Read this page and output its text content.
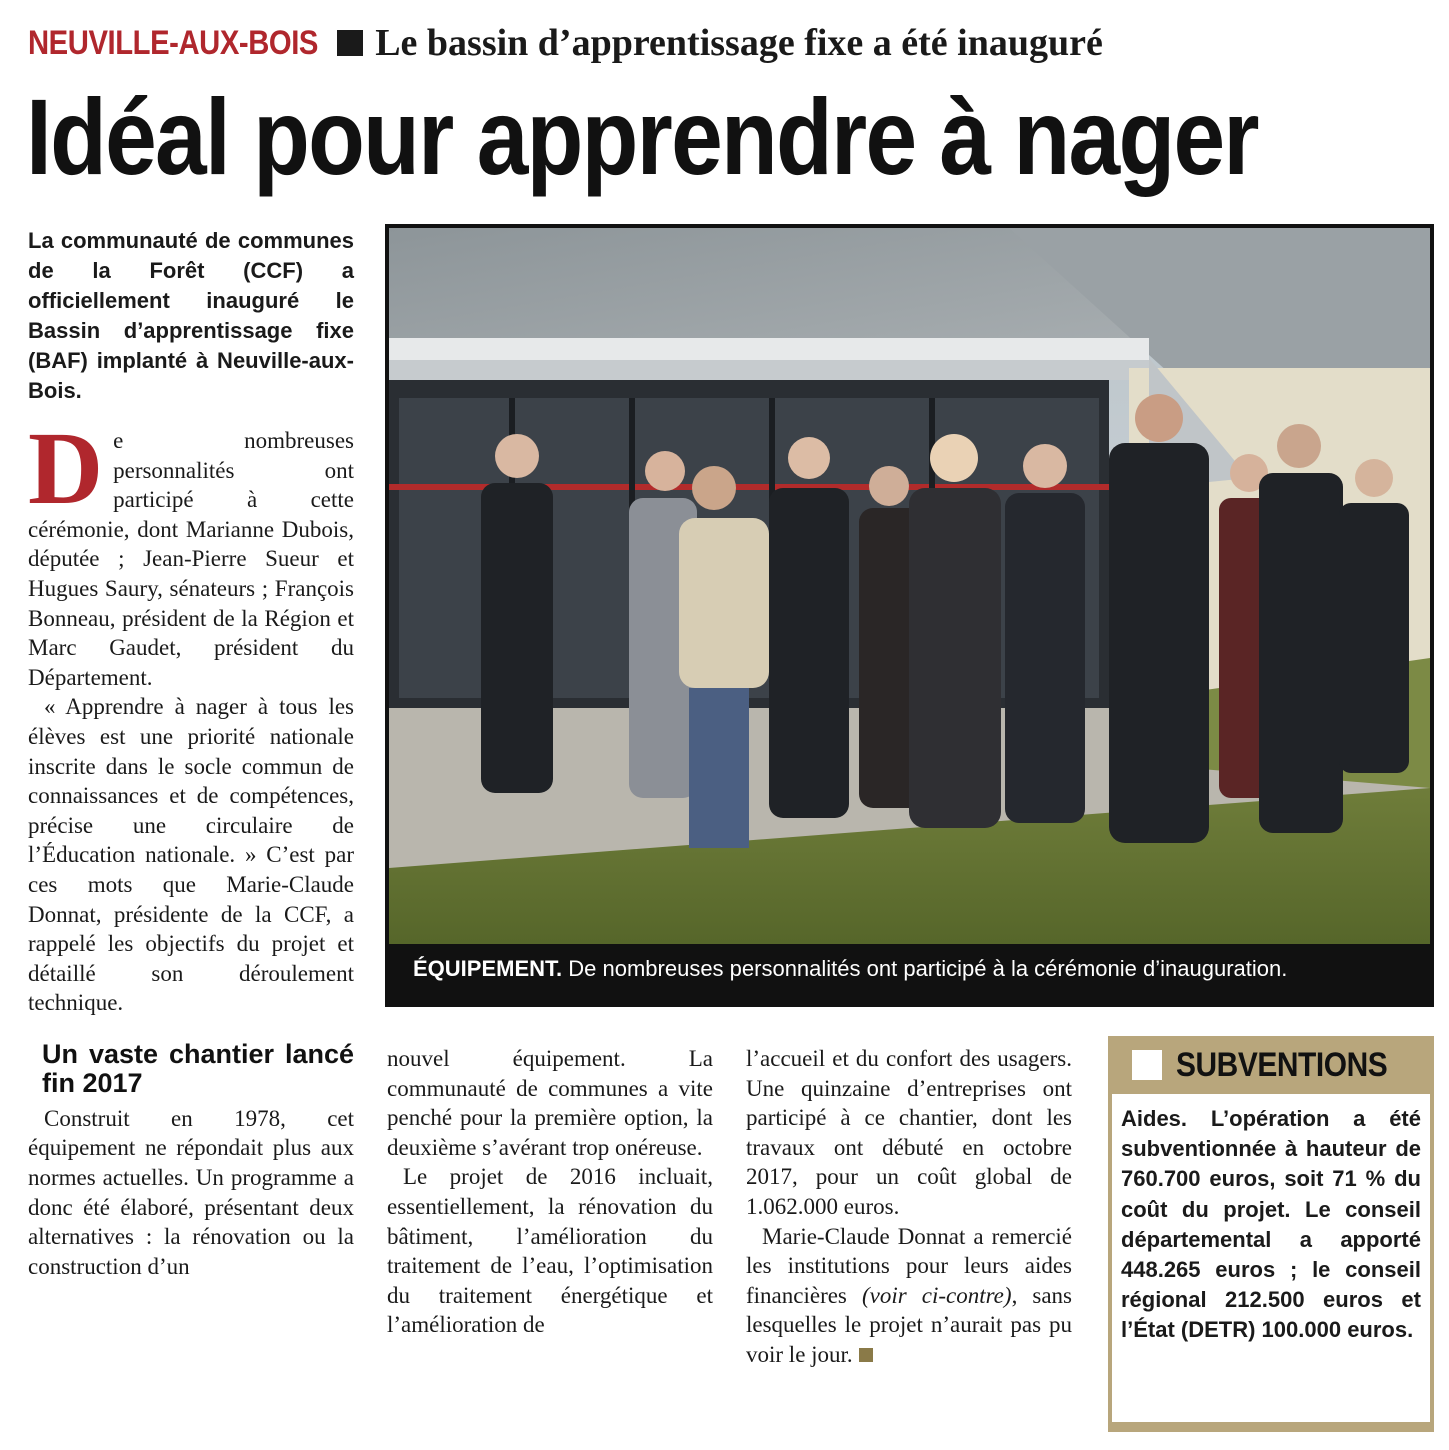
NEUVILLE-AUX-BOIS Le bassin d’apprentissage fixe a été inauguré
Idéal pour apprendre à nager
La communauté de communes de la Forêt (CCF) a officiellement inauguré le Bassin d’apprentissage fixe (BAF) implanté à Neuville-aux-Bois.

De nombreuses personnalités ont participé à cette cérémonie, dont Marianne Dubois, députée ; Jean-Pierre Sueur et Hugues Saury, sénateurs ; François Bonneau, président de la Région et Marc Gaudet, président du Département.

« Apprendre à nager à tous les élèves est une priorité nationale inscrite dans le socle commun de connaissances et de compétences, précise une circulaire de l’Éducation nationale. » C’est par ces mots que Marie-Claude Donnat, présidente de la CCF, a rappelé les objectifs du projet et détaillé son déroulement technique.

Un vaste chantier lancé fin 2017

Construit en 1978, cet équipement ne répondait plus aux normes actuelles. Un programme a donc été élaboré, présentant deux alternatives : la rénovation ou la construction d’un

ÉQUIPEMENT. De nombreuses personnalités ont participé à la cérémonie d’inauguration.

nouvel équipement. La communauté de communes a vite penché pour la première option, la deuxième s’avérant trop onéreuse.

Le projet de 2016 incluait, essentiellement, la rénovation du bâtiment, l’amélioration du traitement de l’eau, l’optimisation du traitement énergétique et l’amélioration de

l’accueil et du confort des usagers. Une quinzaine d’entreprises ont participé à ce chantier, dont les travaux ont débuté en octobre 2017, pour un coût global de 1.062.000 euros.

Marie-Claude Donnat a remercié les institutions pour leurs aides financières (voir ci-contre), sans lesquelles le projet n’aurait pas pu voir le jour.

SUBVENTIONS
Aides. L’opération a été subventionnée à hauteur de 760.700 euros, soit 71 % du coût du projet. Le conseil départemental a apporté 448.265 euros ; le conseil régional 212.500 euros et l’État (DETR) 100.000 euros.
